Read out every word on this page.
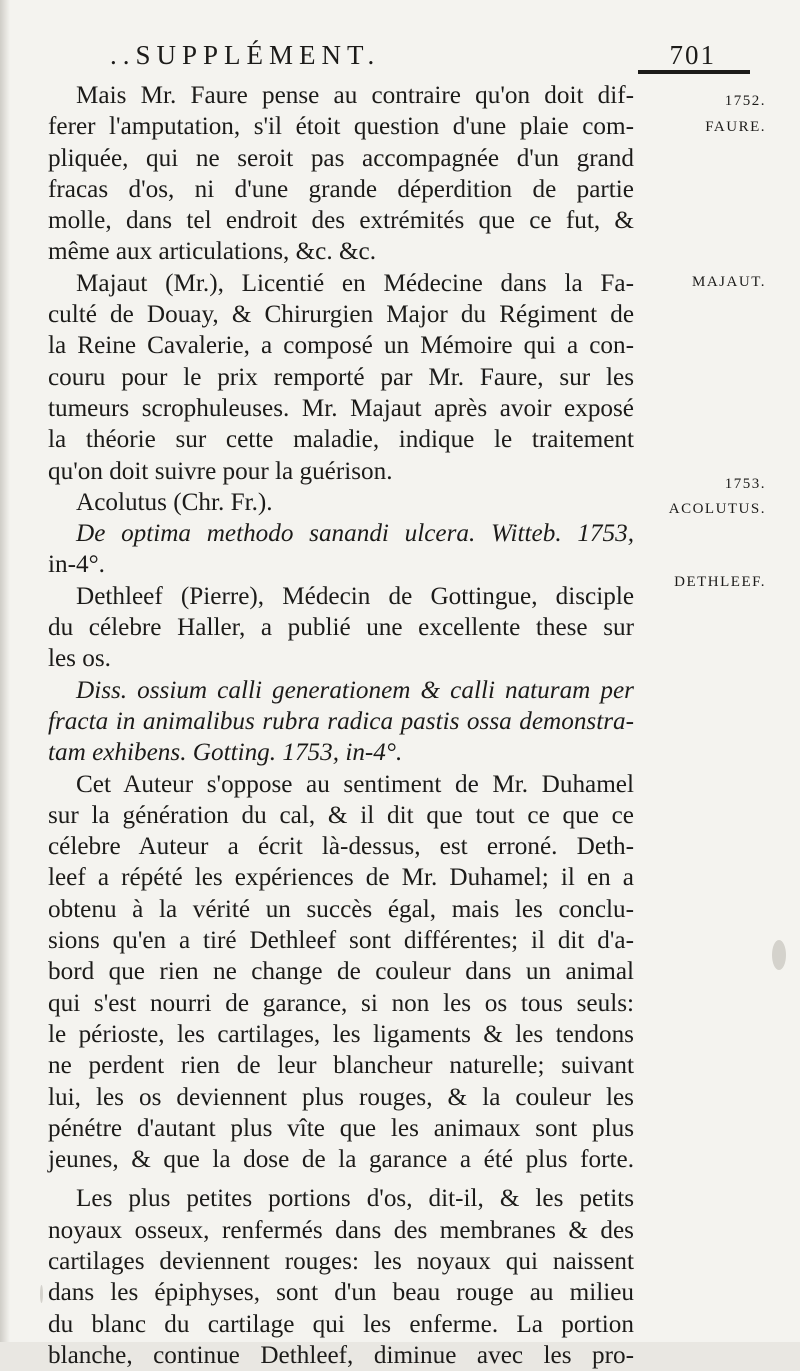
..SUPPLÉMENT.	701
1752.
FAURE.
MAJAUT.
1753.
ACOLUTUS.
DETHLEEF.
Mais Mr. Faure pense au contraire qu'on doit dif-
ferer l'amputation, s'il étoit question d'une plaie com-
pliquée, qui ne seroit pas accompagnée d'un grand
fracas d'os, ni d'une grande déperdition de partie
molle, dans tel endroit des extrémités que ce fut, &
même aux articulations, &c. &c.
Majaut (Mr.), Licentié en Médecine dans la Fa-
culté de Douay, & Chirurgien Major du Régiment de
la Reine Cavalerie, a composé un Mémoire qui a con-
couru pour le prix remporté par Mr. Faure, sur les
tumeurs scrophuleuses. Mr. Majaut après avoir exposé
la théorie sur cette maladie, indique le traitement
qu'on doit suivre pour la guérison.
Acolutus (Chr. Fr.).
De optima methodo sanandi ulcera. Witteb. 1753,
in-4°.
Dethleef (Pierre), Médecin de Gottingue, disciple
du célebre Haller, a publié une excellente these sur
les os.
Diss. ossium calli generationem & calli naturam per
fracta in animalibus rubra radica pastis ossa demonstra-
tam exhibens. Gotting. 1753, in-4°.
Cet Auteur s'oppose au sentiment de Mr. Duhamel
sur la génération du cal, & il dit que tout ce que ce
célebre Auteur a écrit là-dessus, est erroné. Deth-
leef a répété les expériences de Mr. Duhamel; il en a
obtenu à la vérité un succès égal, mais les conclu-
sions qu'en a tiré Dethleef sont différentes; il dit d'a-
bord que rien ne change de couleur dans un animal
qui s'est nourri de garance, si non les os tous seuls:
le périoste, les cartilages, les ligaments & les tendons
ne perdent rien de leur blancheur naturelle; suivant
lui, les os deviennent plus rouges, & la couleur les
pénétre d'autant plus vîte que les animaux sont plus
jeunes, & que la dose de la garance a été plus forte.
Les plus petites portions d'os, dit-il, & les petits
noyaux osseux, renfermés dans des membranes & des
cartilages deviennent rouges: les noyaux qui naissent
dans les épiphyses, sont d'un beau rouge au milieu
du blanc du cartilage qui les enferme. La portion
blanche, continue Dethleef, diminue avec les pro-
